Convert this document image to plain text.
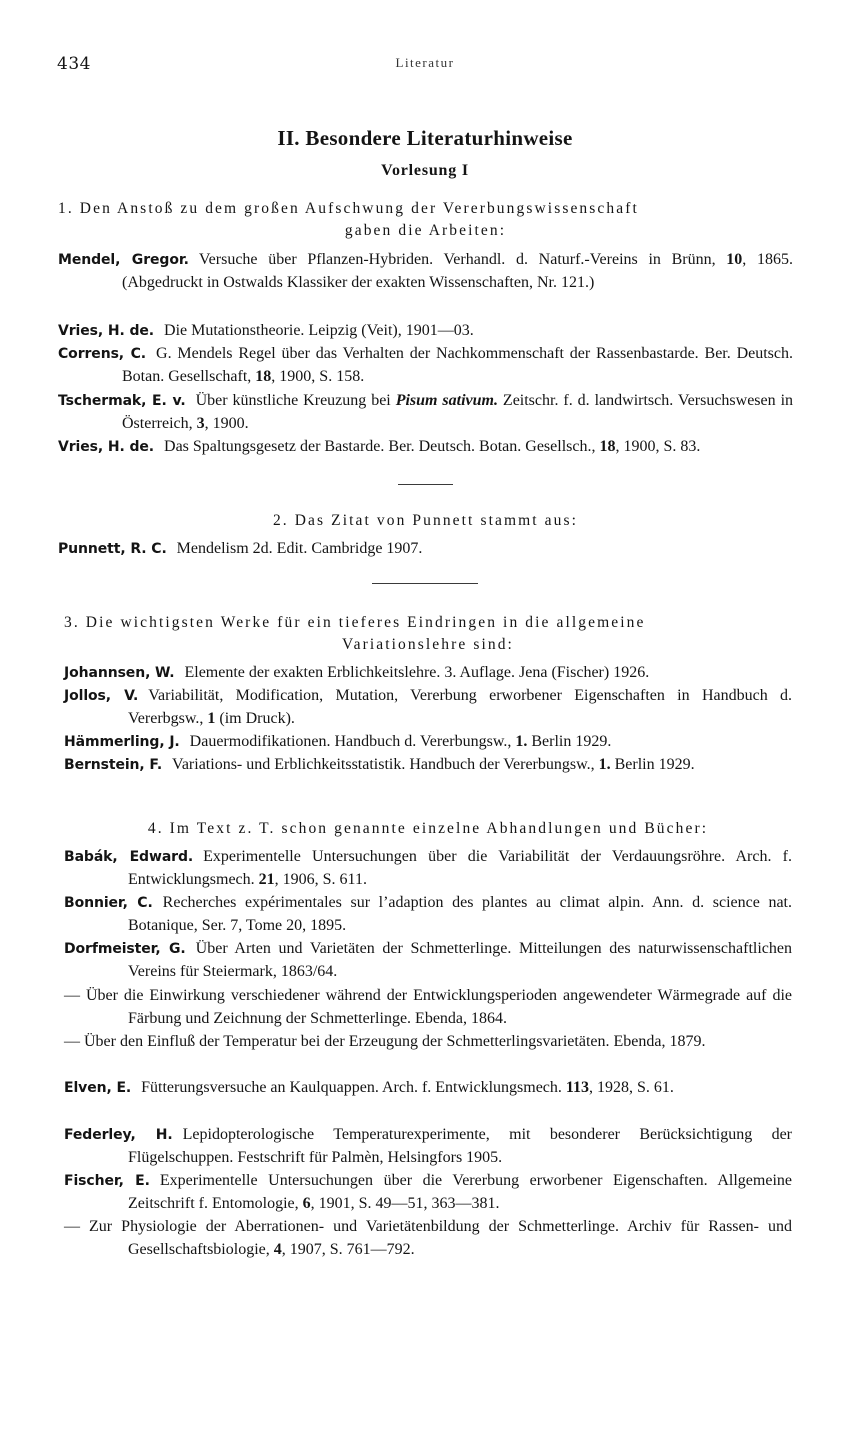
434	Literatur
II. Besondere Literaturhinweise
Vorlesung I
1. Den Anstoß zu dem großen Aufschwung der Vererbungswissenschaft
gaben die Arbeiten:
Mendel, Gregor. Versuche über Pflanzen-Hybriden. Verhandl. d. Naturf.-Vereins in Brünn, 10, 1865. (Abgedruckt in Ostwalds Klassiker der exakten Wissenschaften, Nr. 121.)
Vries, H. de. Die Mutationstheorie. Leipzig (Veit), 1901—03.
Correns, C. G. Mendels Regel über das Verhalten der Nachkommenschaft der Rassenbastarde. Ber. Deutsch. Botan. Gesellschaft, 18, 1900, S. 158.
Tschermak, E. v. Über künstliche Kreuzung bei Pisum sativum. Zeitschr. f. d. landwirtsch. Versuchswesen in Österreich, 3, 1900.
Vries, H. de. Das Spaltungsgesetz der Bastarde. Ber. Deutsch. Botan. Gesellsch., 18, 1900, S. 83.
2. Das Zitat von Punnett stammt aus:
Punnett, R. C. Mendelism 2d. Edit. Cambridge 1907.
3. Die wichtigsten Werke für ein tieferes Eindringen in die allgemeine
Variationslehre sind:
Johannsen, W. Elemente der exakten Erblichkeitslehre. 3. Auflage. Jena (Fischer) 1926.
Jollos, V. Variabilität, Modification, Mutation, Vererbung erworbener Eigenschaften in Handbuch d. Vererbgsw., 1 (im Druck).
Hämmerling, J. Dauermodifikationen. Handbuch d. Vererbungsw., 1. Berlin 1929.
Bernstein, F. Variations- und Erblichkeitsstatistik. Handbuch der Vererbungsw., 1. Berlin 1929.
4. Im Text z. T. schon genannte einzelne Abhandlungen und Bücher:
Babák, Edward. Experimentelle Untersuchungen über die Variabilität der Verdauungsröhre. Arch. f. Entwicklungsmech. 21, 1906, S. 611.
Bonnier, C. Recherches expérimentales sur l’adaption des plantes au climat alpin. Ann. d. science nat. Botanique, Ser. 7, Tome 20, 1895.
Dorfmeister, G. Über Arten und Varietäten der Schmetterlinge. Mitteilungen des naturwissenschaftlichen Vereins für Steiermark, 1863/64.
— Über die Einwirkung verschiedener während der Entwicklungsperioden angewendeter Wärmegrade auf die Färbung und Zeichnung der Schmetterlinge. Ebenda, 1864.
— Über den Einfluß der Temperatur bei der Erzeugung der Schmetterlingsvarietäten. Ebenda, 1879.
Elven, E. Fütterungsversuche an Kaulquappen. Arch. f. Entwicklungsmech. 113, 1928, S. 61.
Federley, H. Lepidopterologische Temperaturexperimente, mit besonderer Berücksichtigung der Flügelschuppen. Festschrift für Palmèn, Helsingfors 1905.
Fischer, E. Experimentelle Untersuchungen über die Vererbung erworbener Eigenschaften. Allgemeine Zeitschrift f. Entomologie, 6, 1901, S. 49—51, 363—381.
— Zur Physiologie der Aberrationen- und Varietätenbildung der Schmetterlinge. Archiv für Rassen- und Gesellschaftsbiologie, 4, 1907, S. 761—792.
